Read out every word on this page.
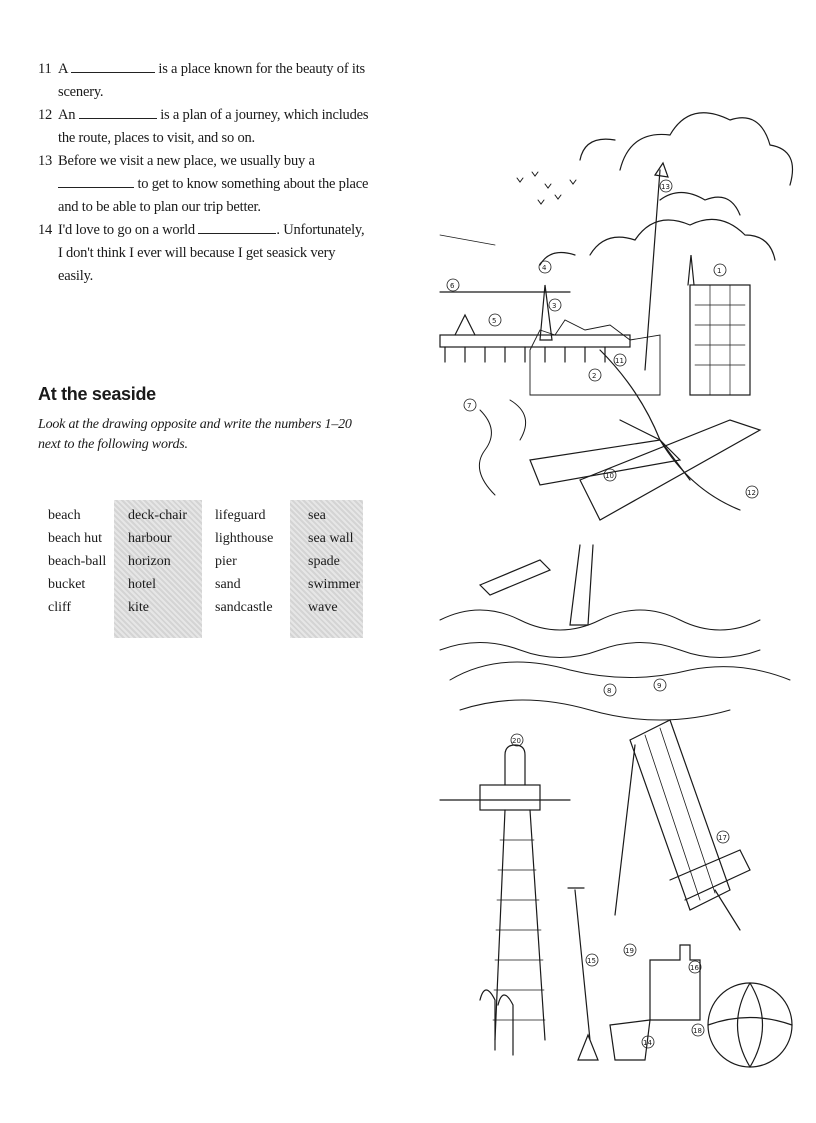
11 A	is a place known for the beauty of its scenery.
12 An	is a plan of a journey, which includes the route, places to visit, and so on.
13 Before we visit a new place, we usually buy a  to get to know something about the place and to be able to plan our trip better.
14 I'd love to go on a world	. Unfortunately, I don't think I ever will because I get seasick very easily.
At the seaside
Look at the drawing opposite and write the numbers 1–20 next to the following words.
beach
beach hut
beach-ball
bucket
cliff
deck-chair
harbour
horizon
hotel
kite
lifeguard
lighthouse
pier
sand
sandcastle
sea
sea wall
spade
swimmer
wave
1
2
3
4
5
6
7
8
9
10
11
12
13
14
15
16
17
18
19
20
